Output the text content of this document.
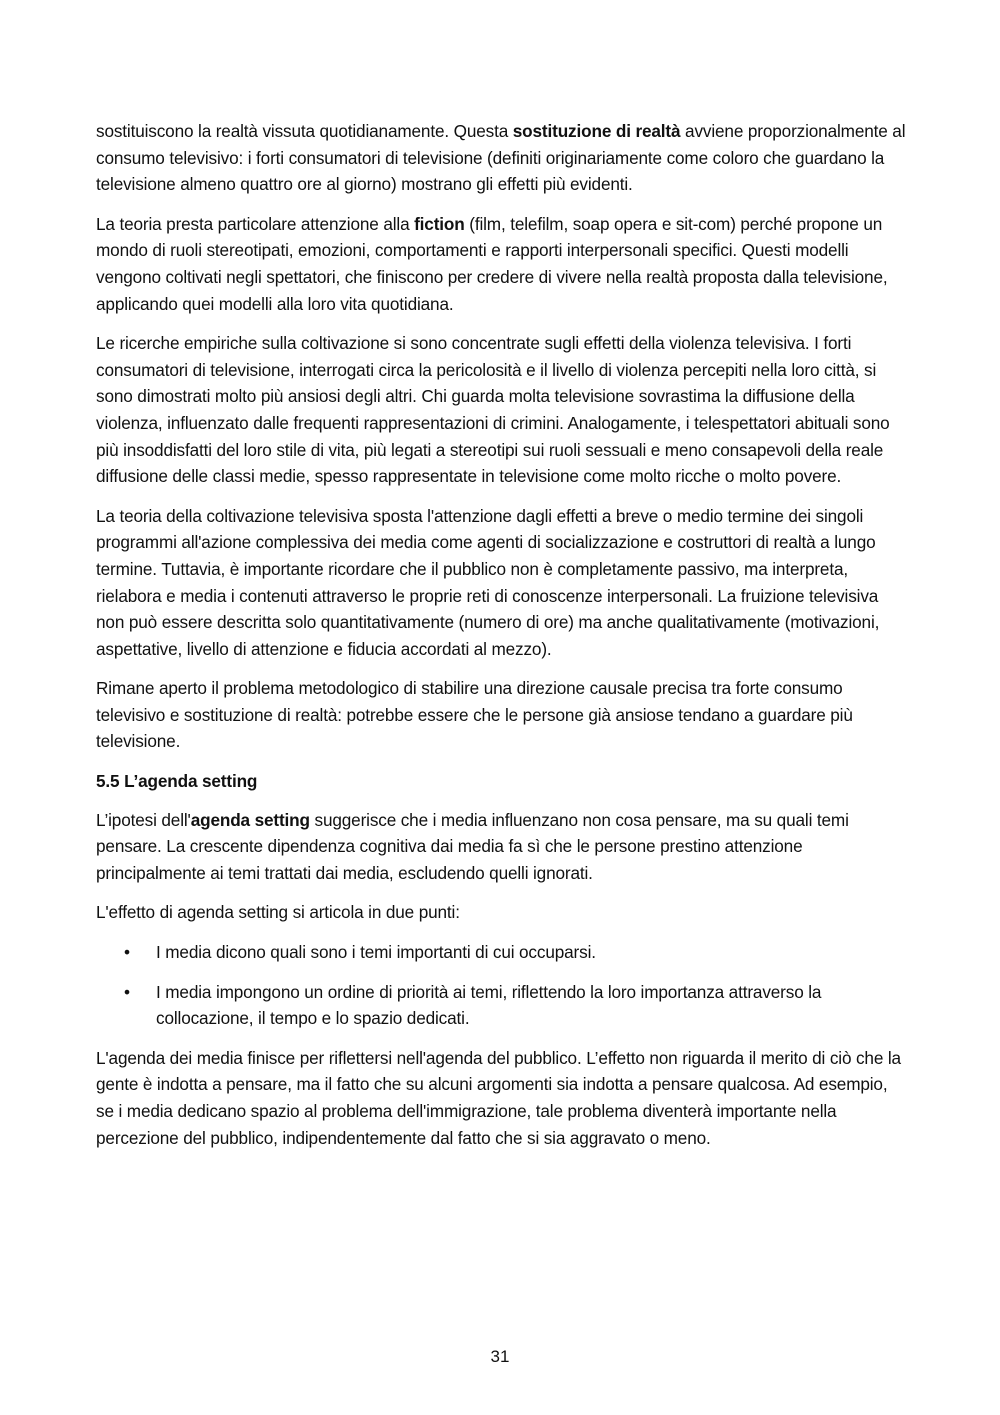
sostituiscono la realtà vissuta quotidianamente. Questa sostituzione di realtà avviene proporzionalmente al consumo televisivo: i forti consumatori di televisione (definiti originariamente come coloro che guardano la televisione almeno quattro ore al giorno) mostrano gli effetti più evidenti.

La teoria presta particolare attenzione alla fiction (film, telefilm, soap opera e sit-com) perché propone un mondo di ruoli stereotipati, emozioni, comportamenti e rapporti interpersonali specifici. Questi modelli vengono coltivati negli spettatori, che finiscono per credere di vivere nella realtà proposta dalla televisione, applicando quei modelli alla loro vita quotidiana.

Le ricerche empiriche sulla coltivazione si sono concentrate sugli effetti della violenza televisiva. I forti consumatori di televisione, interrogati circa la pericolosità e il livello di violenza percepiti nella loro città, si sono dimostrati molto più ansiosi degli altri. Chi guarda molta televisione sovrastima la diffusione della violenza, influenzato dalle frequenti rappresentazioni di crimini. Analogamente, i telespettatori abituali sono più insoddisfatti del loro stile di vita, più legati a stereotipi sui ruoli sessuali e meno consapevoli della reale diffusione delle classi medie, spesso rappresentate in televisione come molto ricche o molto povere.

La teoria della coltivazione televisiva sposta l'attenzione dagli effetti a breve o medio termine dei singoli programmi all'azione complessiva dei media come agenti di socializzazione e costruttori di realtà a lungo termine. Tuttavia, è importante ricordare che il pubblico non è completamente passivo, ma interpreta, rielabora e media i contenuti attraverso le proprie reti di conoscenze interpersonali. La fruizione televisiva non può essere descritta solo quantitativamente (numero di ore) ma anche qualitativamente (motivazioni, aspettative, livello di attenzione e fiducia accordati al mezzo).

Rimane aperto il problema metodologico di stabilire una direzione causale precisa tra forte consumo televisivo e sostituzione di realtà: potrebbe essere che le persone già ansiose tendano a guardare più televisione.

5.5 L’agenda setting

L’ipotesi dell'agenda setting suggerisce che i media influenzano non cosa pensare, ma su quali temi pensare. La crescente dipendenza cognitiva dai media fa sì che le persone prestino attenzione principalmente ai temi trattati dai media, escludendo quelli ignorati.

L'effetto di agenda setting si articola in due punti:

• I media dicono quali sono i temi importanti di cui occuparsi.
• I media impongono un ordine di priorità ai temi, riflettendo la loro importanza attraverso la collocazione, il tempo e lo spazio dedicati.

L'agenda dei media finisce per riflettersi nell'agenda del pubblico. L’effetto non riguarda il merito di ciò che la gente è indotta a pensare, ma il fatto che su alcuni argomenti sia indotta a pensare qualcosa. Ad esempio, se i media dedicano spazio al problema dell'immigrazione, tale problema diventerà importante nella percezione del pubblico, indipendentemente dal fatto che si sia aggravato o meno.

31
